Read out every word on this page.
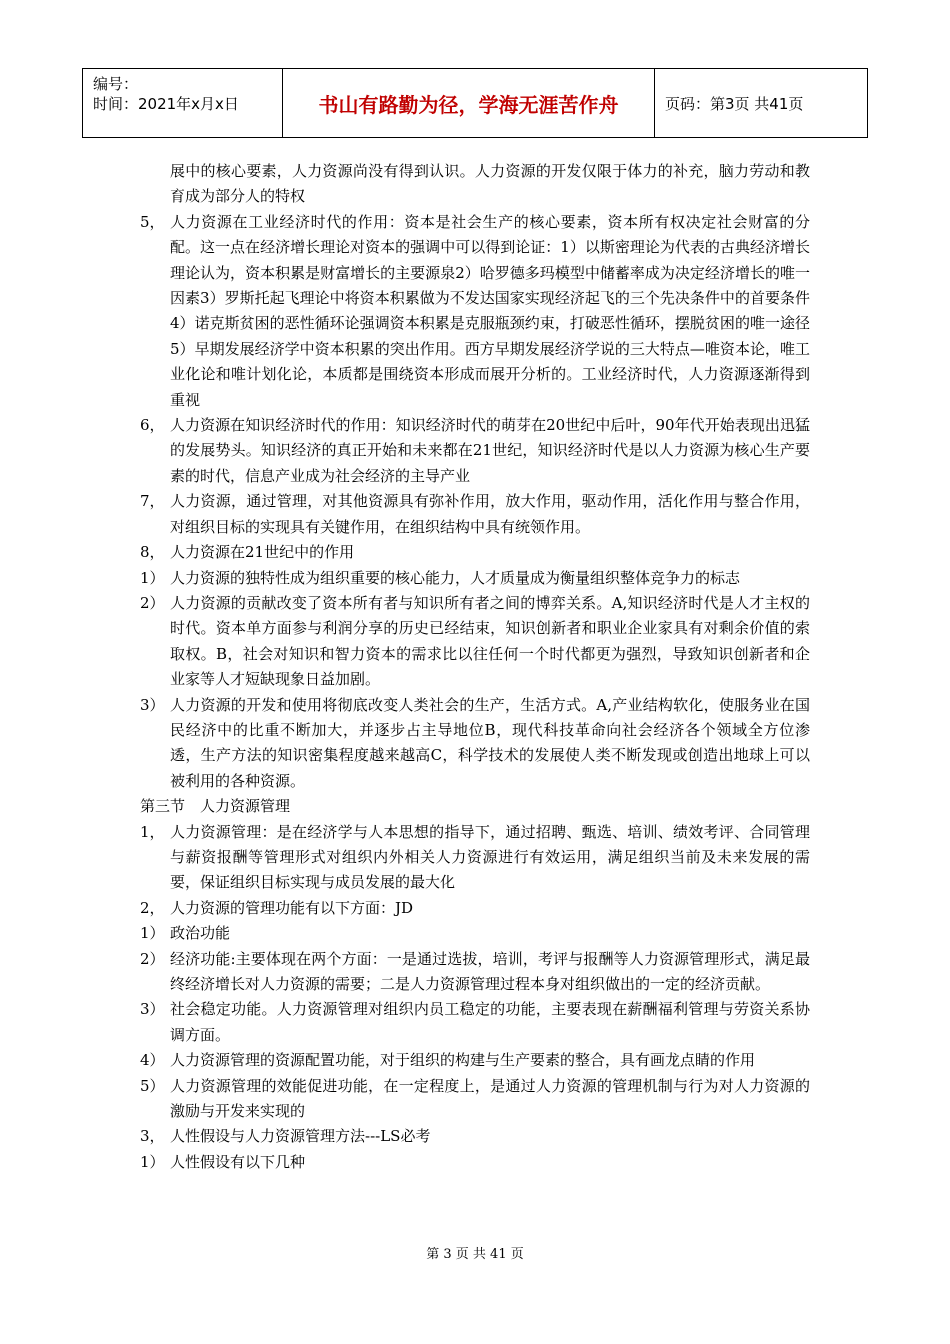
编号：
时间：2021年x月x日	书山有路勤为径，学海无涯苦作舟	页码：第3页 共41页
展中的核心要素，人力资源尚没有得到认识。人力资源的开发仅限于体力的补充，脑力劳动和教育成为部分人的特权
5， 人力资源在工业经济时代的作用：资本是社会生产的核心要素，资本所有权决定社会财富的分配。这一点在经济增长理论对资本的强调中可以得到论证：1）以斯密理论为代表的古典经济增长理论认为，资本积累是财富增长的主要源泉2）哈罗德多玛模型中储蓄率成为决定经济增长的唯一因素3）罗斯托起飞理论中将资本积累做为不发达国家实现经济起飞的三个先决条件中的首要条件4）诺克斯贫困的恶性循环论强调资本积累是克服瓶颈约束，打破恶性循环，摆脱贫困的唯一途径5）早期发展经济学中资本积累的突出作用。西方早期发展经济学说的三大特点—唯资本论，唯工业化论和唯计划化论，本质都是围绕资本形成而展开分析的。工业经济时代，人力资源逐渐得到重视
6， 人力资源在知识经济时代的作用：知识经济时代的萌芽在20世纪中后叶，90年代开始表现出迅猛的发展势头。知识经济的真正开始和未来都在21世纪，知识经济时代是以人力资源为核心生产要素的时代，信息产业成为社会经济的主导产业
7， 人力资源，通过管理，对其他资源具有弥补作用，放大作用，驱动作用，活化作用与整合作用，对组织目标的实现具有关键作用，在组织结构中具有统领作用。
8， 人力资源在21世纪中的作用
1） 人力资源的独特性成为组织重要的核心能力，人才质量成为衡量组织整体竞争力的标志
2） 人力资源的贡献改变了资本所有者与知识所有者之间的博弈关系。A,知识经济时代是人才主权的时代。资本单方面参与利润分享的历史已经结束，知识创新者和职业企业家具有对剩余价值的索取权。B，社会对知识和智力资本的需求比以往任何一个时代都更为强烈，导致知识创新者和企业家等人才短缺现象日益加剧。
3） 人力资源的开发和使用将彻底改变人类社会的生产，生活方式。A,产业结构软化，使服务业在国民经济中的比重不断加大，并逐步占主导地位B，现代科技革命向社会经济各个领域全方位渗透，生产方法的知识密集程度越来越高C，科学技术的发展使人类不断发现或创造出地球上可以被利用的各种资源。
第三节　人力资源管理
1， 人力资源管理：是在经济学与人本思想的指导下，通过招聘、甄选、培训、绩效考评、合同管理与薪资报酬等管理形式对组织内外相关人力资源进行有效运用，满足组织当前及未来发展的需要，保证组织目标实现与成员发展的最大化
2， 人力资源的管理功能有以下方面：JD
1） 政治功能
2） 经济功能:主要体现在两个方面：一是通过选拔，培训，考评与报酬等人力资源管理形式，满足最终经济增长对人力资源的需要；二是人力资源管理过程本身对组织做出的一定的经济贡献。
3） 社会稳定功能。人力资源管理对组织内员工稳定的功能，主要表现在薪酬福利管理与劳资关系协调方面。
4） 人力资源管理的资源配置功能，对于组织的构建与生产要素的整合，具有画龙点睛的作用
5） 人力资源管理的效能促进功能，在一定程度上，是通过人力资源的管理机制与行为对人力资源的激励与开发来实现的
3， 人性假设与人力资源管理方法---LS必考
1） 人性假设有以下几种
第 3 页 共 41 页
